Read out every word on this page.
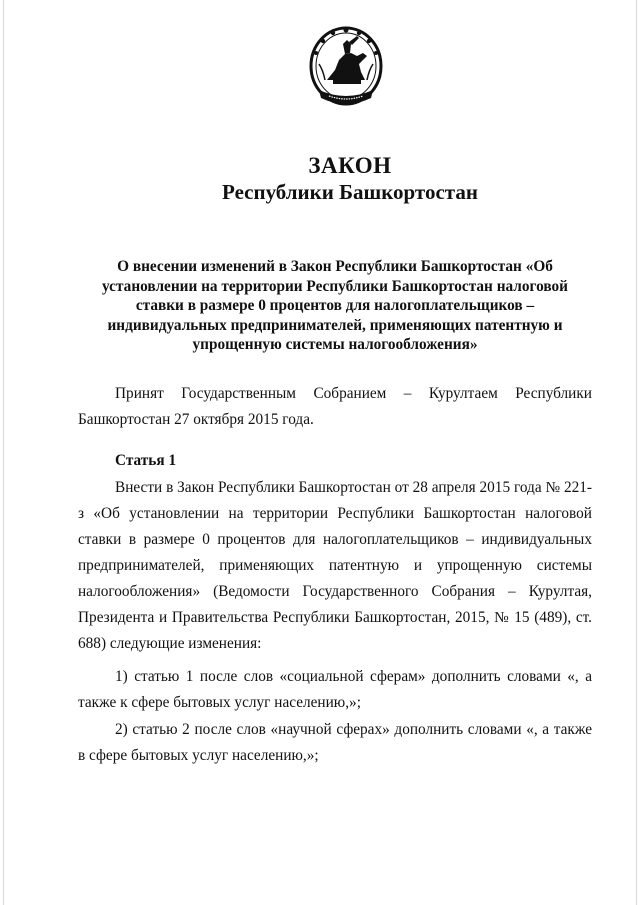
ЗАКОН
Республики Башкортостан
О внесении изменений в Закон Республики Башкортостан «Об установлении на территории Республики Башкортостан налоговой ставки в размере 0 процентов для налогоплательщиков – индивидуальных предпринимателей, применяющих патентную и упрощенную системы налогообложения»
Принят Государственным Собранием – Курултаем Республики Башкортостан 27 октября 2015 года.
Статья 1
Внести в Закон Республики Башкортостан от 28 апреля 2015 года № 221-з «Об установлении на территории Республики Башкортостан налоговой ставки в размере 0 процентов для налогоплательщиков – индивидуальных предпринимателей, применяющих патентную и упрощенную системы налогообложения» (Ведомости Государственного Собрания – Курултая, Президента и Правительства Республики Башкортостан, 2015, № 15 (489), ст. 688) следующие изменения:
1) статью 1 после слов «социальной сферам» дополнить словами «, а также к сфере бытовых услуг населению,»;
2) статью 2 после слов «научной сферах» дополнить словами «, а также в сфере бытовых услуг населению,»;
